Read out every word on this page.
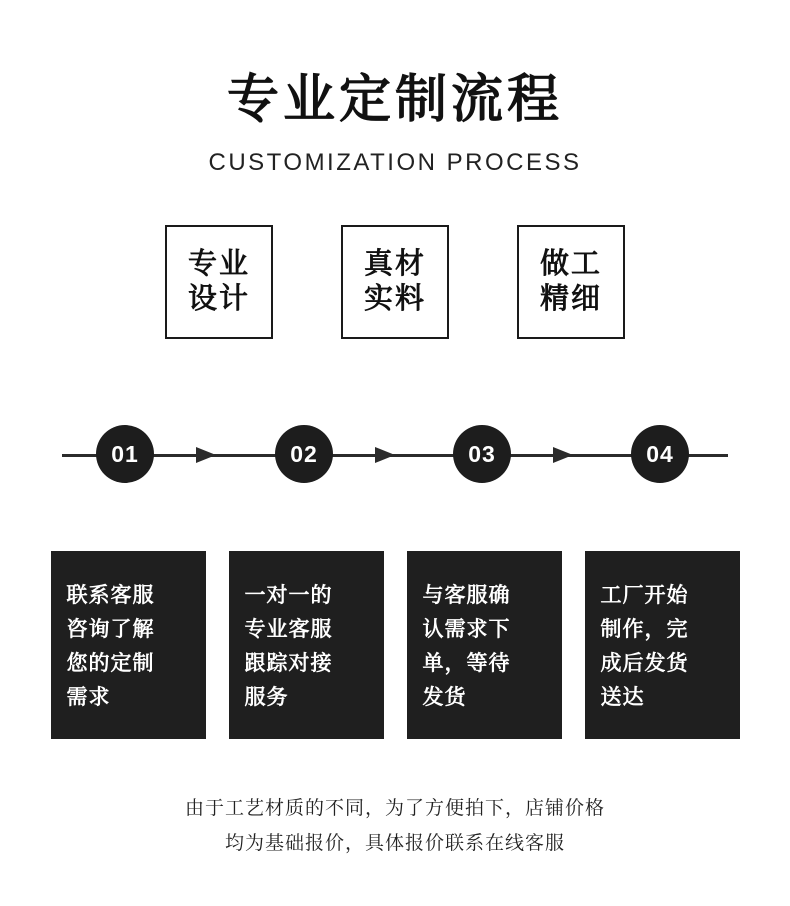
专业定制流程
CUSTOMIZATION PROCESS
专业
设计
真材
实料
做工
精细
01	02	03	04
联系客服
咨询了解
您的定制
需求
一对一的
专业客服
跟踪对接
服务
与客服确
认需求下
单，等待
发货
工厂开始
制作，完
成后发货
送达
由于工艺材质的不同，为了方便拍下，店铺价格
均为基础报价，具体报价联系在线客服
